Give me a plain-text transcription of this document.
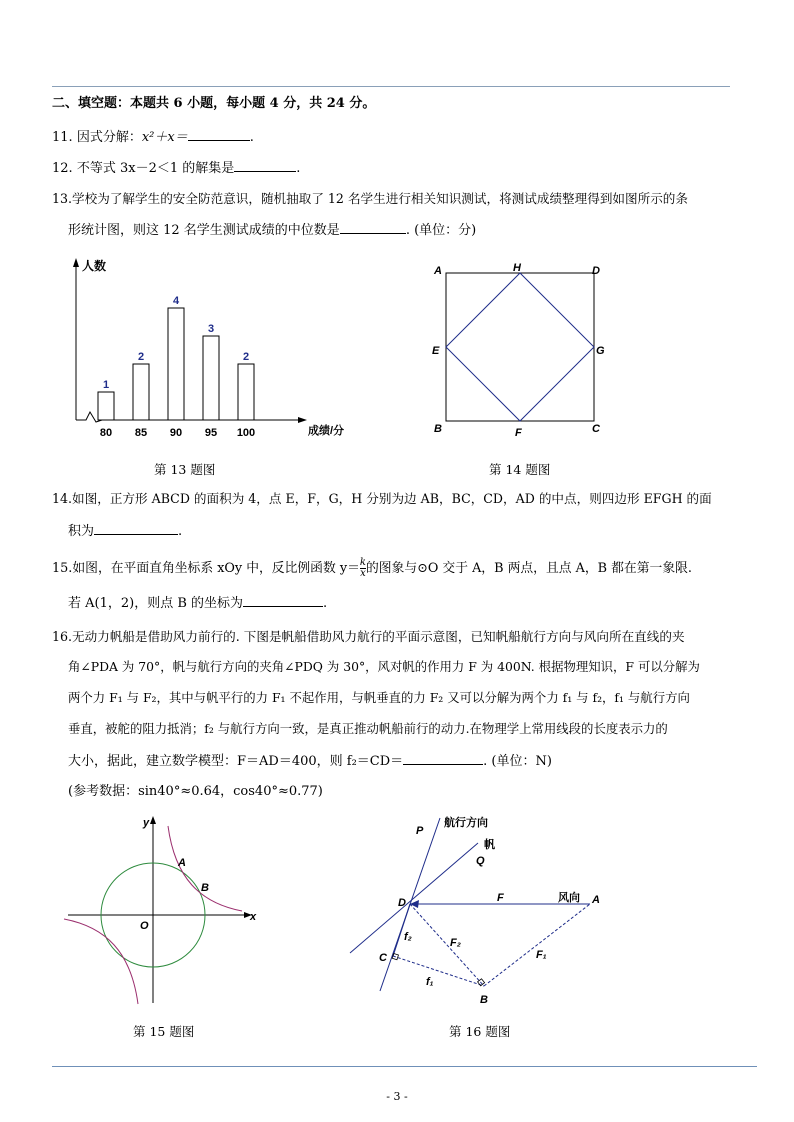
二、填空题：本题共 6 小题，每小题 4 分，共 24 分。
11. 因式分解：x²＋x＝	.
12. 不等式 3x－2＜1 的解集是	.
13.学校为了解学生的安全防范意识，随机抽取了 12 名学生进行相关知识测试，将测试成绩整理得到如图所示的条
形统计图，则这 12 名学生测试成绩的中位数是	. (单位：分)
人数
成绩/分
1
80
2
85
4
90
3
95
2
100
第 13 题图
A	H	D
E	G
B	F	C
第 14 题图
14.如图，正方形 ABCD 的面积为 4，点 E，F，G，H 分别为边 AB，BC，CD，AD 的中点，则四边形 EFGH 的面
积为	.
15.如图，在平面直角坐标系 xOy 中，反比例函数 $y= \frac{k}{x}$ 的图象与⊙O 交于 A，B 两点，且点 A，B 都在第一象限.
若 A(1，2)，则点 B 的坐标为	.
16.无动力帆船是借助风力前行的. 下图是帆船借助风力航行的平面示意图，已知帆船航行方向与风向所在直线的夹
角∠PDA 为 70°，帆与航行方向的夹角∠PDQ 为 30°，风对帆的作用力 F 为 400N. 根据物理知识，F 可以分解为
两个力 F₁ 与 F₂，其中与帆平行的力 F₁ 不起作用，与帆垂直的力 F₂ 又可以分解为两个力 f₁ 与 f₂，f₁ 与航行方向
垂直，被舵的阻力抵消；f₂ 与航行方向一致，是真正推动帆船前行的动力.在物理学上常用线段的长度表示力的
大小，据此，建立数学模型：F＝AD＝400，则 f₂＝CD＝	. (单位：N)
(参考数据：sin40°≈0.64，cos40°≈0.77)
y
x
O
A
B
第 15 题图
P
航行方向
帆
Q
D	F	风向 A
f₂	F₂
C	F₁
f₁
B
第 16 题图
- 3 -
